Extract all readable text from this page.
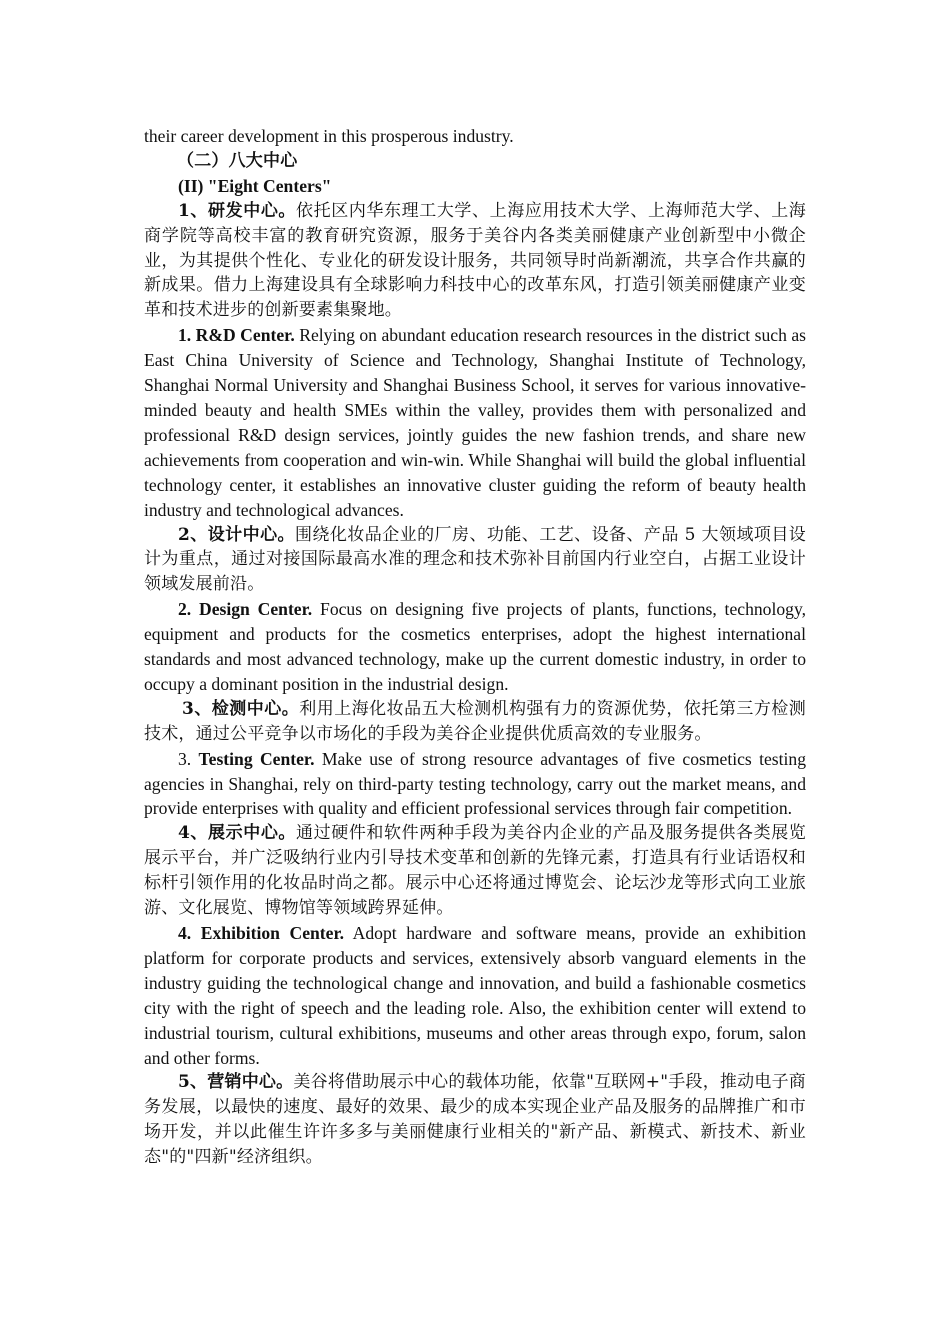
their career development in this prosperous industry.

（二）八大中心

(II) "Eight Centers"

1、研发中心。依托区内华东理工大学、上海应用技术大学、上海师范大学、上海商学院等高校丰富的教育研究资源，服务于美谷内各类美丽健康产业创新型中小微企业，为其提供个性化、专业化的研发设计服务，共同领导时尚新潮流，共享合作共赢的新成果。借力上海建设具有全球影响力科技中心的改革东风，打造引领美丽健康产业变革和技术进步的创新要素集聚地。

1. R&D Center. Relying on abundant education research resources in the district such as East China University of Science and Technology, Shanghai Institute of Technology, Shanghai Normal University and Shanghai Business School, it serves for various innovative-minded beauty and health SMEs within the valley, provides them with personalized and professional R&D design services, jointly guides the new fashion trends, and share new achievements from cooperation and win-win. While Shanghai will build the global influential technology center, it establishes an innovative cluster guiding the reform of beauty health industry and technological advances.

2、设计中心。围绕化妆品企业的厂房、功能、工艺、设备、产品 5 大领域项目设计为重点，通过对接国际最高水准的理念和技术弥补目前国内行业空白，占据工业设计领域发展前沿。

2. Design Center. Focus on designing five projects of plants, functions, technology, equipment and products for the cosmetics enterprises, adopt the highest international standards and most advanced technology, make up the current domestic industry, in order to occupy a dominant position in the industrial design.

3、检测中心。利用上海化妆品五大检测机构强有力的资源优势，依托第三方检测技术，通过公平竞争以市场化的手段为美谷企业提供优质高效的专业服务。

3. Testing Center. Make use of strong resource advantages of five cosmetics testing agencies in Shanghai, rely on third-party testing technology, carry out the market means, and provide enterprises with quality and efficient professional services through fair competition.

4、展示中心。通过硬件和软件两种手段为美谷内企业的产品及服务提供各类展览展示平台，并广泛吸纳行业内引导技术变革和创新的先锋元素，打造具有行业话语权和标杆引领作用的化妆品时尚之都。展示中心还将通过博览会、论坛沙龙等形式向工业旅游、文化展览、博物馆等领域跨界延伸。

4. Exhibition Center. Adopt hardware and software means, provide an exhibition platform for corporate products and services, extensively absorb vanguard elements in the industry guiding the technological change and innovation, and build a fashionable cosmetics city with the right of speech and the leading role. Also, the exhibition center will extend to industrial tourism, cultural exhibitions, museums and other areas through expo, forum, salon and other forms.

5、营销中心。美谷将借助展示中心的载体功能，依靠"互联网+"手段，推动电子商务发展，以最快的速度、最好的效果、最少的成本实现企业产品及服务的品牌推广和市场开发，并以此催生许许多多与美丽健康行业相关的"新产品、新模式、新技术、新业态"的"四新"经济组织。
